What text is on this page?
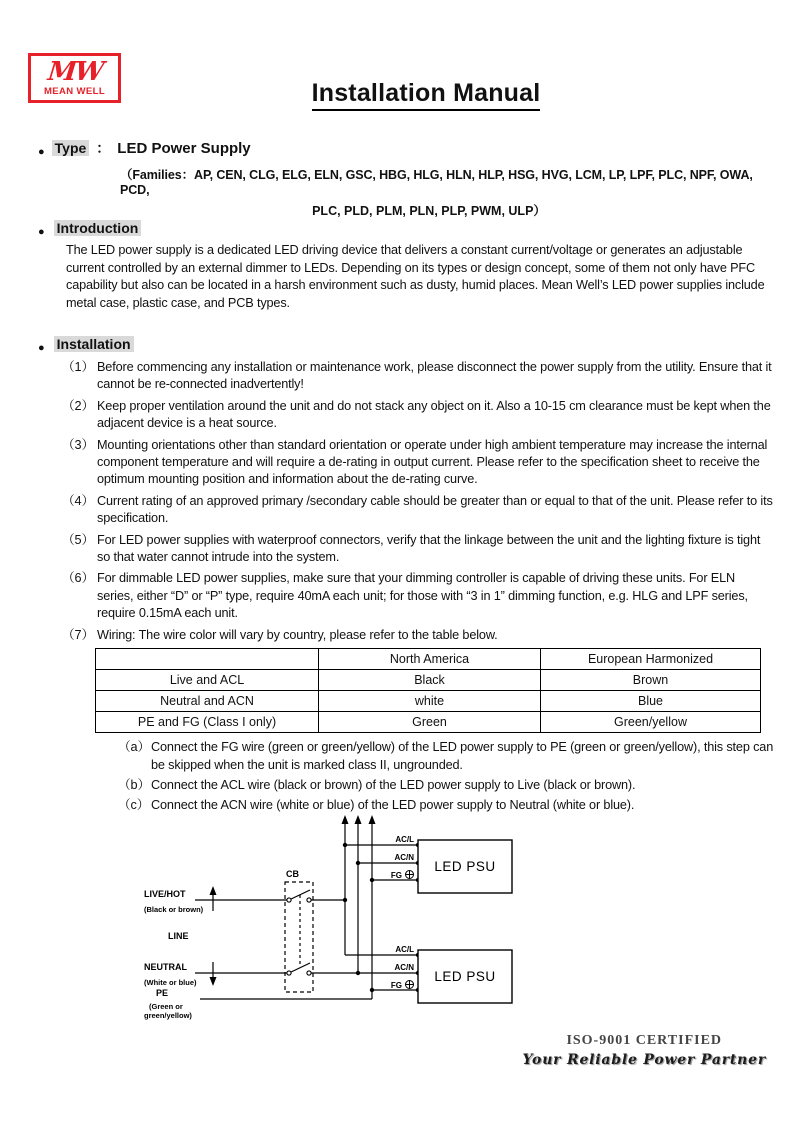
MW
MEAN WELL	Installation Manual
● Type ： LED Power Supply
（Families：AP, CEN, CLG, ELG, ELN, GSC, HBG, HLG, HLN, HLP, HSG, HVG, LCM, LP, LPF, PLC, NPF, OWA, PCD,
PLC, PLD, PLM, PLN, PLP, PWM, ULP）
● Introduction
The LED power supply is a dedicated LED driving device that delivers a constant current/voltage or generates an adjustable current controlled by an external dimmer to LEDs. Depending on its types or design concept, some of them not only have PFC capability but also can be located in a harsh environment such as dusty, humid places. Mean Well’s LED power supplies include metal case, plastic case, and PCB types.
● Installation
（1） Before commencing any installation or maintenance work, please disconnect the power supply from the utility. Ensure that it cannot be re-connected inadvertently!
（2） Keep proper ventilation around the unit and do not stack any object on it. Also a 10-15 cm clearance must be kept when the adjacent device is a heat source.
（3） Mounting orientations other than standard orientation or operate under high ambient temperature may increase the internal component temperature and will require a de-rating in output current. Please refer to the specification sheet to receive the optimum mounting position and information about the de-rating curve.
（4） Current rating of an approved primary /secondary cable should be greater than or equal to that of the unit. Please refer to its specification.
（5） For LED power supplies with waterproof connectors, verify that the linkage between the unit and the lighting fixture is tight so that water cannot intrude into the system.
（6） For dimmable LED power supplies, make sure that your dimming controller is capable of driving these units. For ELN series, either “D” or “P” type, require 40mA each unit; for those with “3 in 1” dimming function, e.g. HLG and LPF series, require 0.15mA each unit.
（7） Wiring: The wire color will vary by country, please refer to the table below.
	North America	European Harmonized
Live and ACL	Black	Brown
Neutral and ACN	white	Blue
PE and FG (Class I only)	Green	Green/yellow
（a） Connect the FG wire (green or green/yellow) of the LED power supply to PE (green or green/yellow), this step can be skipped when the unit is marked class II, ungrounded.
（b） Connect the ACL wire (black or brown) of the LED power supply to Live (black or brown).
（c） Connect the ACN wire (white or blue) of the LED power supply to Neutral (white or blue).
CB
LIVE/HOT
(Black or brown)
LINE
NEUTRAL
(White or blue)
PE
(Green or
green/yellow)
AC/L
AC/N
FG
LED PSU
AC/L
AC/N
FG
LED PSU
ISO-9001 CERTIFIED
Your Reliable Power Partner
